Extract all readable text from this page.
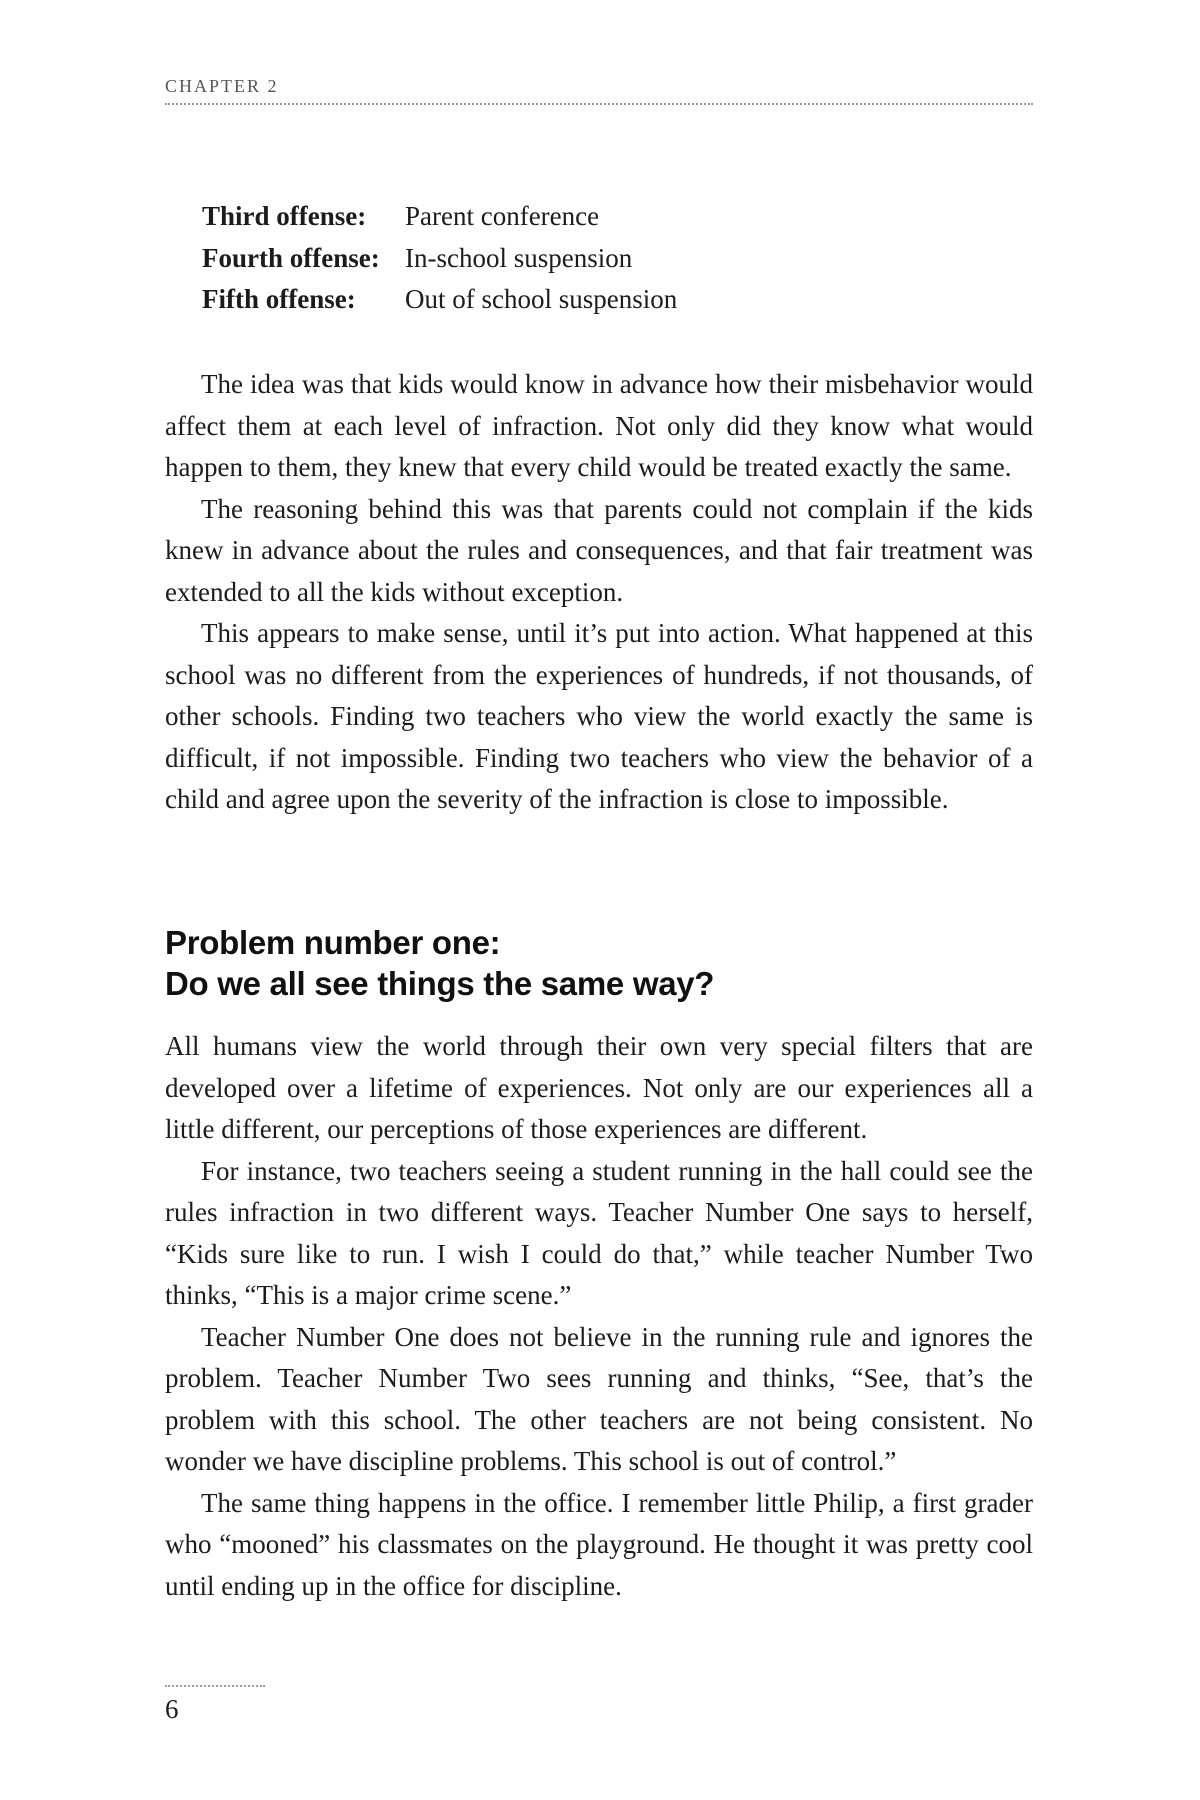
CHAPTER 2
Third offense:	Parent conference
Fourth offense:	In-school suspension
Fifth offense:	Out of school suspension

The idea was that kids would know in advance how their misbehavior would affect them at each level of infraction. Not only did they know what would happen to them, they knew that every child would be treated exactly the same.

The reasoning behind this was that parents could not complain if the kids knew in advance about the rules and consequences, and that fair treatment was extended to all the kids without exception.

This appears to make sense, until it’s put into action. What happened at this school was no different from the experiences of hundreds, if not thousands, of other schools. Finding two teachers who view the world exactly the same is difficult, if not impossible. Finding two teachers who view the behavior of a child and agree upon the severity of the infraction is close to impossible.

Problem number one:
Do we all see things the same way?

All humans view the world through their own very special filters that are developed over a lifetime of experiences. Not only are our experiences all a little different, our perceptions of those experiences are different.

For instance, two teachers seeing a student running in the hall could see the rules infraction in two different ways. Teacher Number One says to herself, “Kids sure like to run. I wish I could do that,” while teacher Number Two thinks, “This is a major crime scene.”

Teacher Number One does not believe in the running rule and ignores the problem. Teacher Number Two sees running and thinks, “See, that’s the problem with this school. The other teachers are not being consistent. No wonder we have discipline problems. This school is out of control.”

The same thing happens in the office. I remember little Philip, a first grader who “mooned” his classmates on the playground. He thought it was pretty cool until ending up in the office for discipline.

6
